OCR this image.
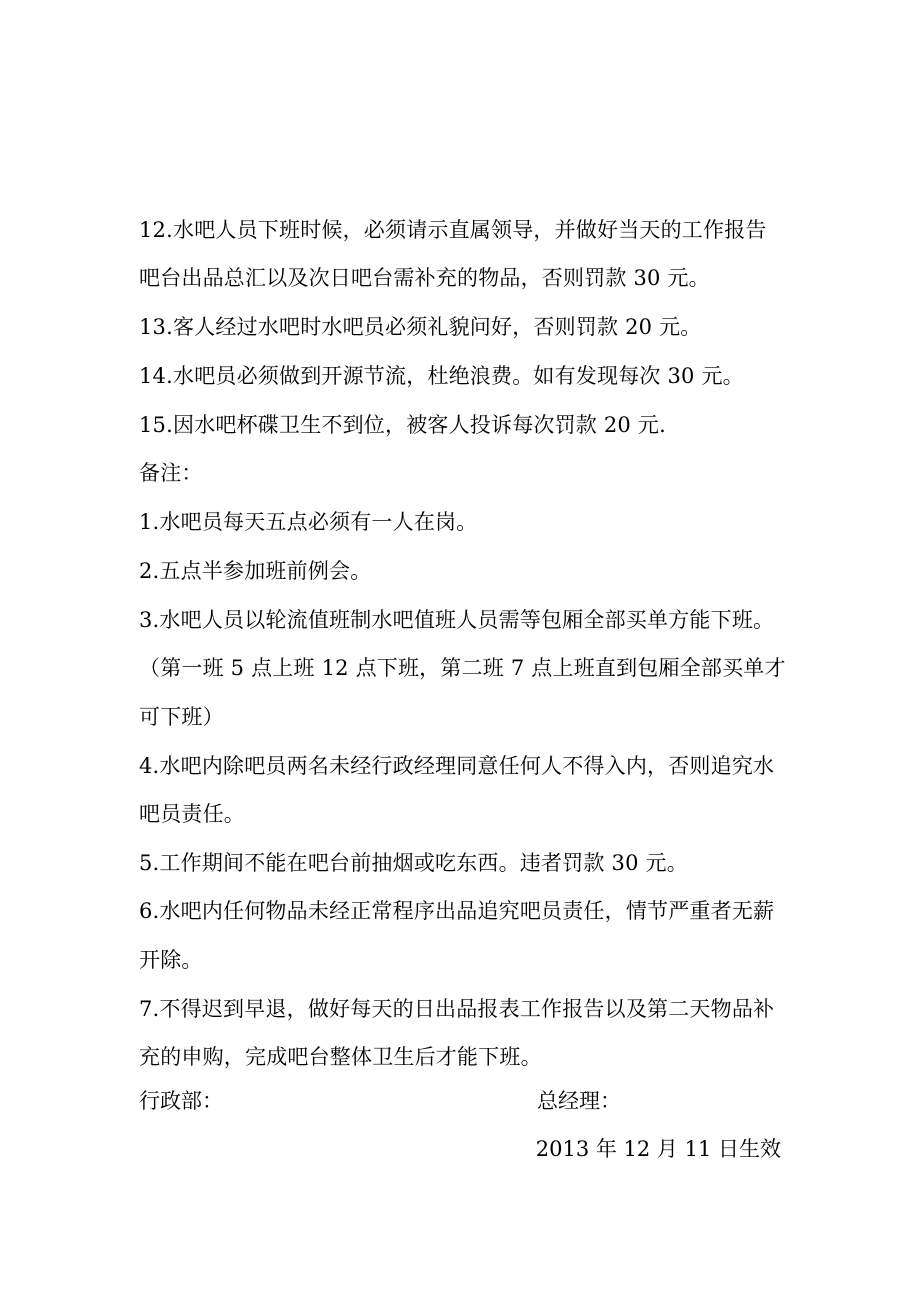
12.水吧人员下班时候，必须请示直属领导，并做好当天的工作报告
吧台出品总汇以及次日吧台需补充的物品，否则罚款 30 元。
13.客人经过水吧时水吧员必须礼貌问好，否则罚款 20 元。
14.水吧员必须做到开源节流，杜绝浪费。如有发现每次 30 元。
15.因水吧杯碟卫生不到位，被客人投诉每次罚款 20 元.
备注：
1.水吧员每天五点必须有一人在岗。
2.五点半参加班前例会。
3.水吧人员以轮流值班制水吧值班人员需等包厢全部买单方能下班。
（第一班 5 点上班 12 点下班，第二班 7 点上班直到包厢全部买单才
可下班）
4.水吧内除吧员两名未经行政经理同意任何人不得入内，否则追究水
吧员责任。
5.工作期间不能在吧台前抽烟或吃东西。违者罚款 30 元。
6.水吧内任何物品未经正常程序出品追究吧员责任，情节严重者无薪
开除。
7.不得迟到早退，做好每天的日出品报表工作报告以及第二天物品补
充的申购，完成吧台整体卫生后才能下班。
行政部：	总经理：
2013 年 12 月 11 日生效
